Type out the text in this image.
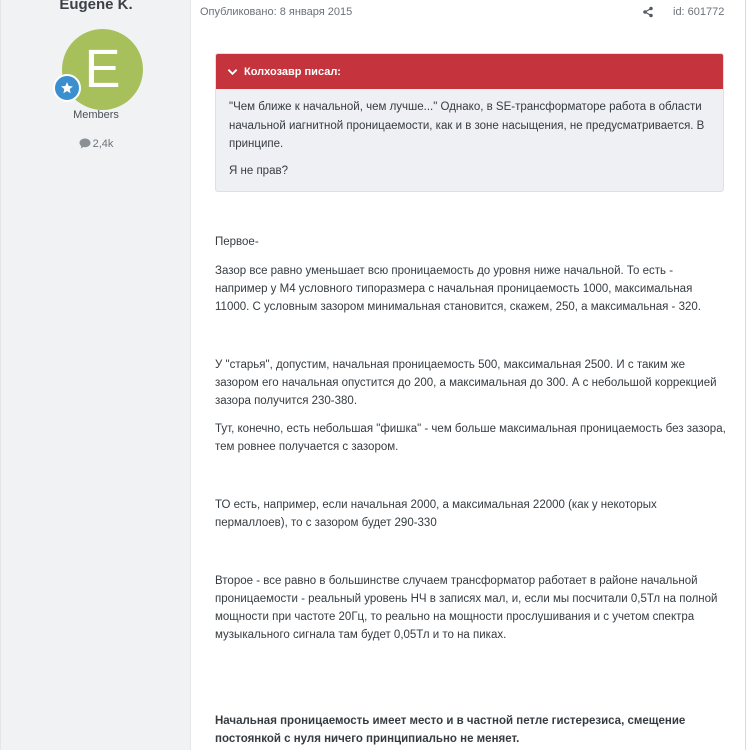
Eugene K.
E
Members
2,4k
Опубликовано: 8 января 2015	id: 601772
Колхозавр писал:

"Чем ближе к начальной, чем лучше..." Однако, в SE-трансформаторе работа в области начальной иагнитной проницаемости, как и в зоне насыщения, не предусматривается. В принципе.

Я не прав?

Первое-

Зазор все равно уменьшает всю проницаемость до уровня ниже начальной. То есть - например у М4 условного типоразмера с начальная проницаемость 1000, максимальная 11000. С условным зазором минимальная становится, скажем, 250, а максимальная - 320.

У "старья", допустим, начальная проницаемость 500, максимальная 2500. И с таким же зазором его начальная опустится до 200, а максимальная до 300. А с небольшой коррекцией зазора получится 230-380.

Тут, конечно, есть небольшая "фишка" - чем больше максимальная проницаемость без зазора, тем ровнее получается с зазором.

ТО есть, например, если начальная 2000, а максимальная 22000 (как у некоторых пермаллоев), то с зазором будет 290-330

Второе - все равно в большинстве случаем трансформатор работает в районе начальной проницаемости - реальный уровень НЧ в записях мал, и, если мы посчитали 0,5Тл на полной мощности при частоте 20Гц, то реально на мощности прослушивания и с учетом спектра музыкального сигнала там будет 0,05Тл и то на пиках.

Начальная проницаемость имеет место и в частной петле гистерезиса, смещение постоянкой с нуля ничего принципиально не меняет.
